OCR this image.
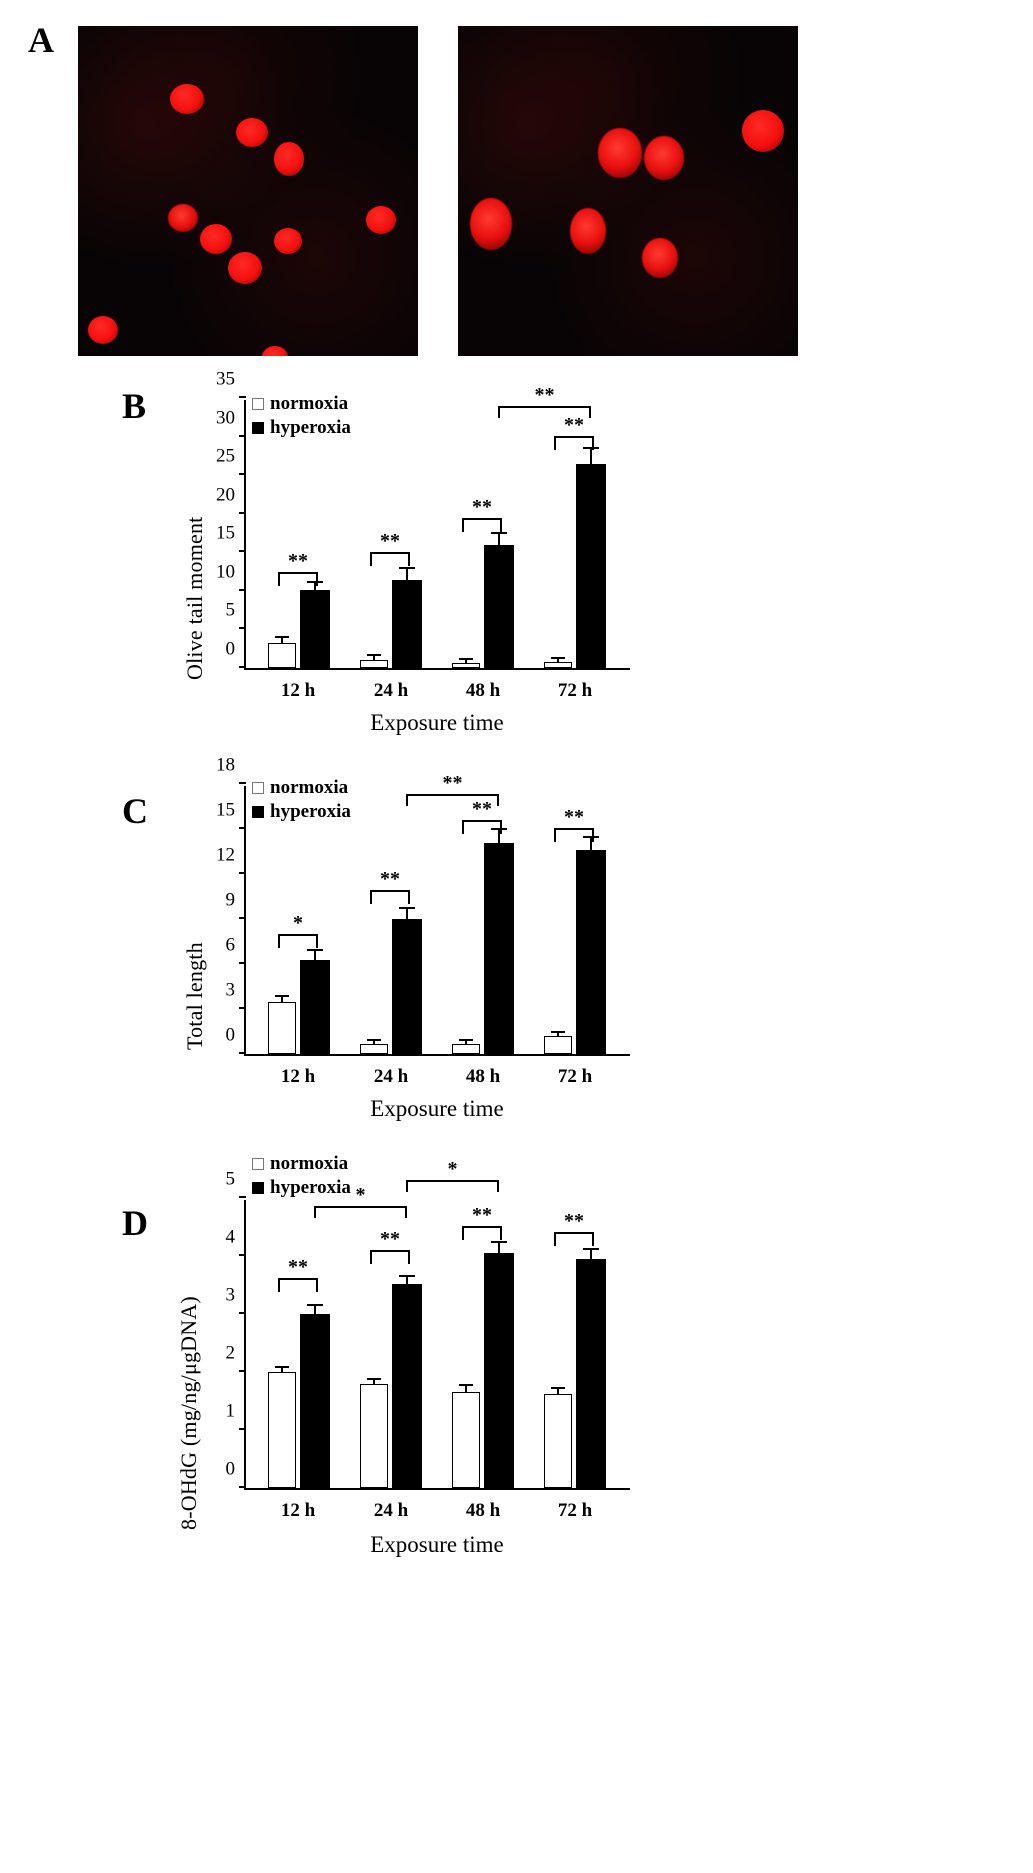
A
B
Olive tail moment
normoxia
hyperoxia
0
5
10
15
20
25
30
35
**
**
**
**
**
12 h	24 h	48 h	72 h
Exposure time
C
Total length
normoxia
hyperoxia
0
3
6
9
12
15
18
*
**
**	**
**
12 h	24 h	48 h	72 h
Exposure time
D
8-OHdG (mg/ng/μgDNA)
normoxia
hyperoxia
0
1
2
3
4
5
**
**
**	**
*
*
12 h	24 h	48 h	72 h
Exposure time
